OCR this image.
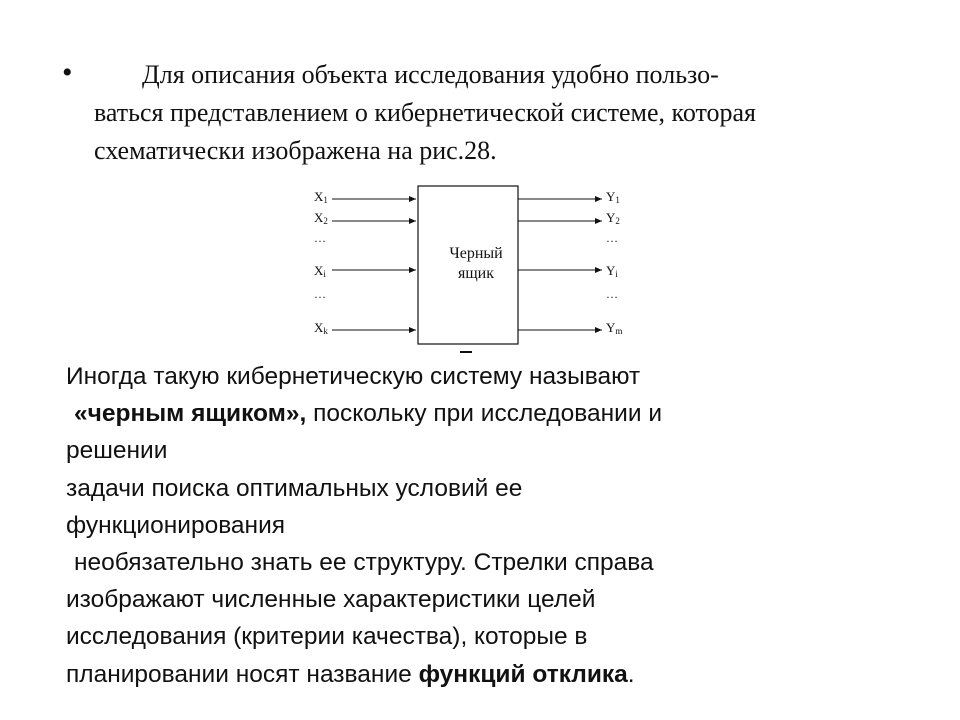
•	Для описания объекта исследования удобно пользо-
ваться представлением о кибернетической системе, которая
схематически изображена на рис.28.
$X_1$
$X_2$
…
$X_i$
…
$X_k$
$Y_1$
$Y_2$
…
$Y_i$
…
$Y_m$
Черный
ящик
Иногда такую кибернетическую систему называют
«черным ящиком», поскольку при исследовании и
решении
задачи поиска оптимальных условий ее
функционирования
необязательно знать ее структуру. Стрелки справа
изображают численные характеристики целей
исследования (критерии качества), которые в
планировании носят название функций отклика.
